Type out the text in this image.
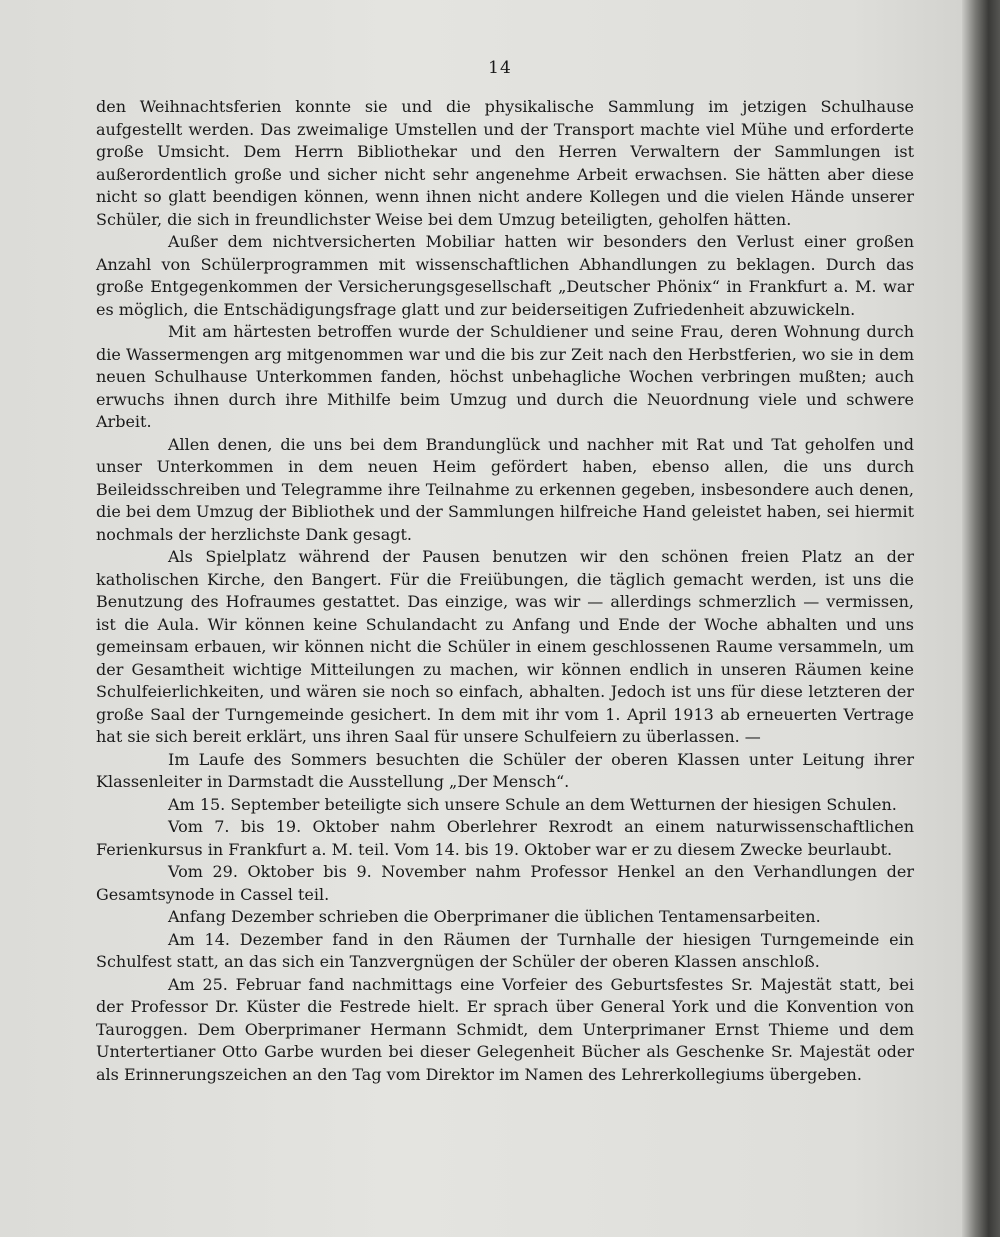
14

den Weihnachtsferien konnte sie und die physikalische Sammlung im jetzigen Schulhause aufgestellt werden. Das zweimalige Umstellen und der Transport machte viel Mühe und erforderte große Umsicht. Dem Herrn Bibliothekar und den Herren Verwaltern der Sammlungen ist außerordentlich große und sicher nicht sehr angenehme Arbeit erwachsen. Sie hätten aber diese nicht so glatt beendigen können, wenn ihnen nicht andere Kollegen und die vielen Hände unserer Schüler, die sich in freundlichster Weise bei dem Umzug beteiligten, geholfen hätten.

Außer dem nichtversicherten Mobiliar hatten wir besonders den Verlust einer großen Anzahl von Schülerprogrammen mit wissenschaftlichen Abhandlungen zu beklagen. Durch das große Entgegenkommen der Versicherungsgesellschaft „Deutscher Phönix“ in Frankfurt a. M. war es möglich, die Entschädigungsfrage glatt und zur beiderseitigen Zufriedenheit abzuwickeln.

Mit am härtesten betroffen wurde der Schuldiener und seine Frau, deren Wohnung durch die Wassermengen arg mitgenommen war und die bis zur Zeit nach den Herbstferien, wo sie in dem neuen Schulhause Unterkommen fanden, höchst unbehagliche Wochen verbringen mußten; auch erwuchs ihnen durch ihre Mithilfe beim Umzug und durch die Neuordnung viele und schwere Arbeit.

Allen denen, die uns bei dem Brandunglück und nachher mit Rat und Tat geholfen und unser Unterkommen in dem neuen Heim gefördert haben, ebenso allen, die uns durch Beileidsschreiben und Telegramme ihre Teilnahme zu erkennen gegeben, insbesondere auch denen, die bei dem Umzug der Bibliothek und der Sammlungen hilfreiche Hand geleistet haben, sei hiermit nochmals der herzlichste Dank gesagt.

Als Spielplatz während der Pausen benutzen wir den schönen freien Platz an der katholischen Kirche, den Bangert. Für die Freiübungen, die täglich gemacht werden, ist uns die Benutzung des Hofraumes gestattet. Das einzige, was wir — allerdings schmerzlich — vermissen, ist die Aula. Wir können keine Schulandacht zu Anfang und Ende der Woche abhalten und uns gemeinsam erbauen, wir können nicht die Schüler in einem geschlossenen Raume versammeln, um der Gesamtheit wichtige Mitteilungen zu machen, wir können endlich in unseren Räumen keine Schulfeierlichkeiten, und wären sie noch so einfach, abhalten. Jedoch ist uns für diese letzteren der große Saal der Turngemeinde gesichert. In dem mit ihr vom 1. April 1913 ab erneuerten Vertrage hat sie sich bereit erklärt, uns ihren Saal für unsere Schulfeiern zu überlassen. —

Im Laufe des Sommers besuchten die Schüler der oberen Klassen unter Leitung ihrer Klassenleiter in Darmstadt die Ausstellung „Der Mensch“.

Am 15. September beteiligte sich unsere Schule an dem Wetturnen der hiesigen Schulen.

Vom 7. bis 19. Oktober nahm Oberlehrer Rexrodt an einem naturwissenschaftlichen Ferienkursus in Frankfurt a. M. teil. Vom 14. bis 19. Oktober war er zu diesem Zwecke beurlaubt.

Vom 29. Oktober bis 9. November nahm Professor Henkel an den Verhandlungen der Gesamtsynode in Cassel teil.

Anfang Dezember schrieben die Oberprimaner die üblichen Tentamensarbeiten.

Am 14. Dezember fand in den Räumen der Turnhalle der hiesigen Turngemeinde ein Schulfest statt, an das sich ein Tanzvergnügen der Schüler der oberen Klassen anschloß.

Am 25. Februar fand nachmittags eine Vorfeier des Geburtsfestes Sr. Majestät statt, bei der Professor Dr. Küster die Festrede hielt. Er sprach über General York und die Konvention von Tauroggen. Dem Oberprimaner Hermann Schmidt, dem Unterprimaner Ernst Thieme und dem Untertertianer Otto Garbe wurden bei dieser Gelegenheit Bücher als Geschenke Sr. Majestät oder als Erinnerungszeichen an den Tag vom Direktor im Namen des Lehrerkollegiums übergeben.
